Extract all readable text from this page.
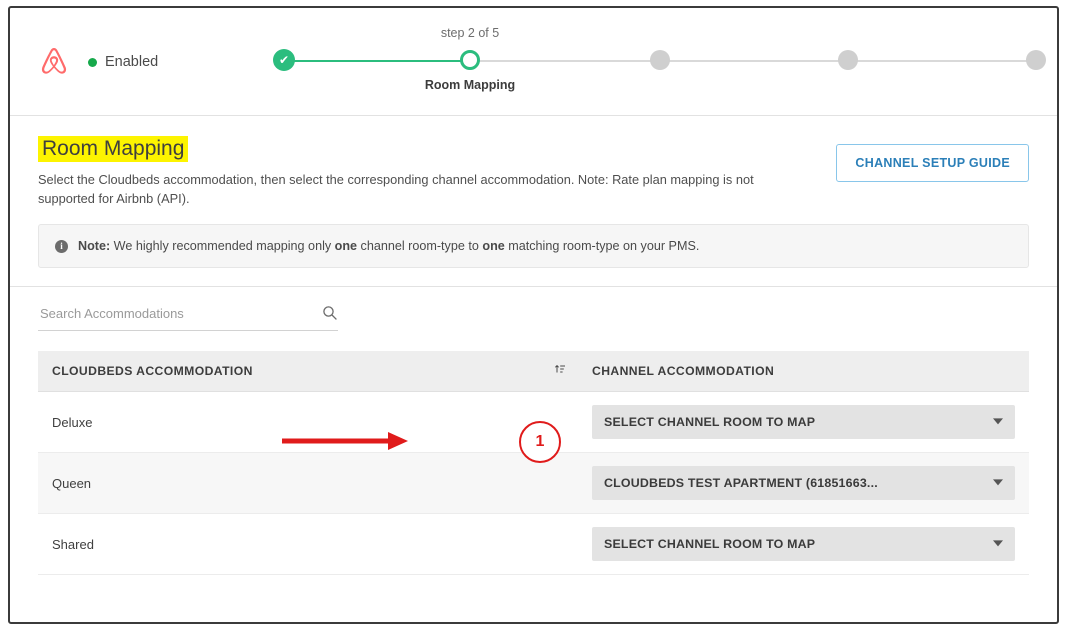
Enabled
step 2 of 5
Room Mapping
✔
Room Mapping

Select the Cloudbeds accommodation, then select the corresponding channel accommodation. Note: Rate plan mapping is not supported for Airbnb (API).

CHANNEL SETUP GUIDE
i	Note: We highly recommended mapping only one channel room-type to one matching room-type on your PMS.
Search Accommodations
CLOUDBEDS ACCOMMODATION	CHANNEL ACCOMMODATION
Deluxe	SELECT CHANNEL ROOM TO MAP

Queen	CLOUDBEDS TEST APARTMENT (61851663...

Shared	SELECT CHANNEL ROOM TO MAP
1
